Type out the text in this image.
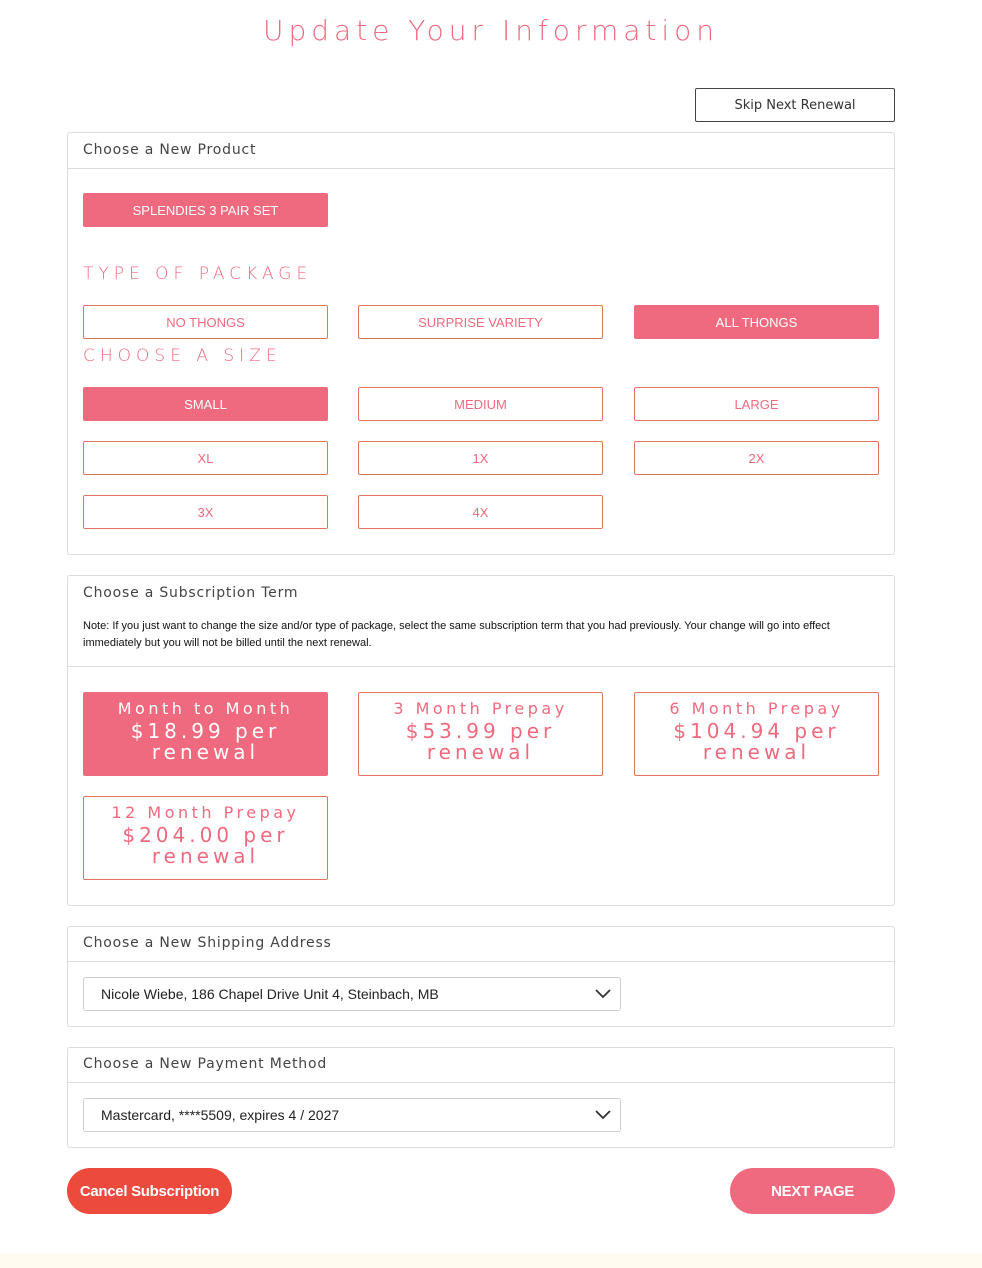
Update Your Information
Skip Next Renewal
Choose a New Product
SPLENDIES 3 PAIR SET
TYPE OF PACKAGE
NO THONGS	SURPRISE VARIETY	ALL THONGS
CHOOSE A SIZE
SMALL	MEDIUM	LARGE
XL	1X	2X
3X	4X
Choose a Subscription Term
Note: If you just want to change the size and/or type of package, select the same subscription term that you had previously. Your change will go into effect immediately but you will not be billed until the next renewal.
Month to Month
$18.99 per renewal
3 Month Prepay
$53.99 per renewal
6 Month Prepay
$104.94 per renewal
12 Month Prepay
$204.00 per renewal
Choose a New Shipping Address
Nicole Wiebe, 186 Chapel Drive Unit 4, Steinbach, MB
Choose a New Payment Method
Mastercard, ****5509, expires 4 / 2027
Cancel Subscription	NEXT PAGE
